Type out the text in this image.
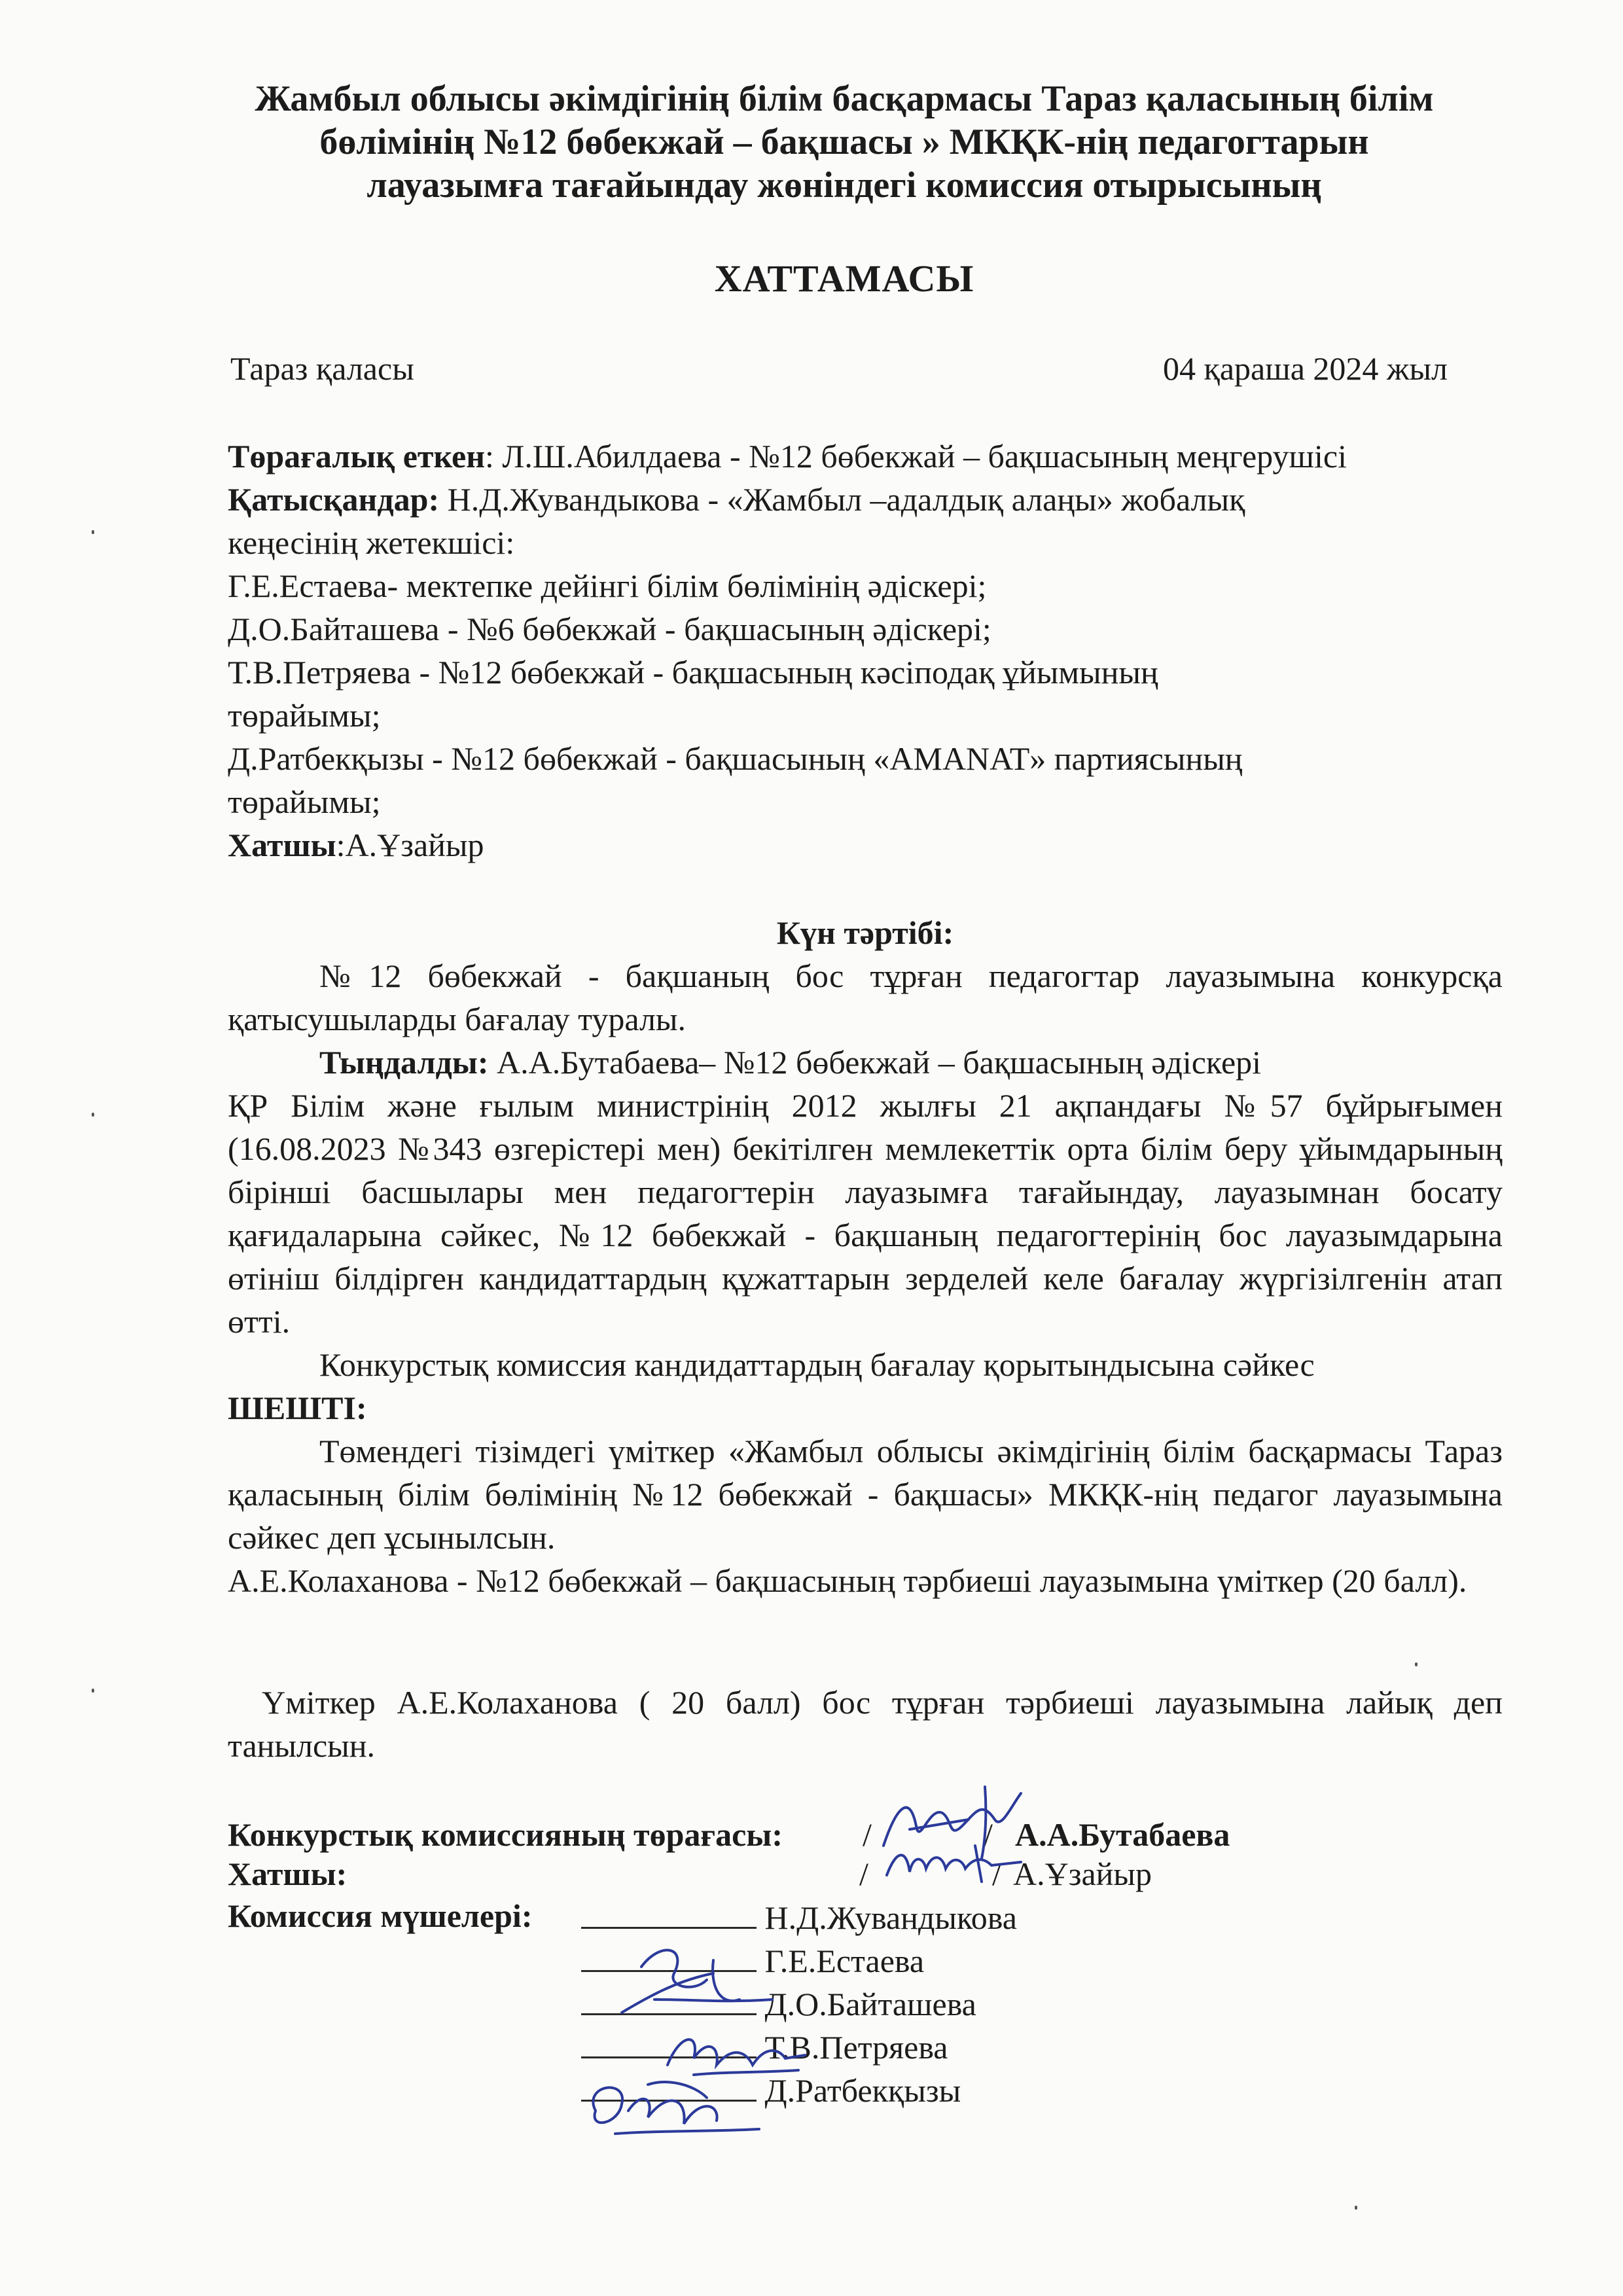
Жамбыл облысы әкімдігінің білім басқармасы Тараз қаласының білім
бөлімінің №12 бөбекжай – бақшасы » МКҚК-нің педагогтарын
лауазымға тағайындау жөніндегі комиссия отырысының
ХАТТАМАСЫ
Тараз қаласы	04 қараша 2024 жыл
Төрағалық еткен: Л.Ш.Абилдаева - №12 бөбекжай – бақшасының меңгерушісі
Қатысқандар: Н.Д.Жувандыкова - «Жамбыл –адалдық алаңы» жобалық
кеңесінің жетекшісі:
Г.Е.Естаева- мектепке дейінгі білім бөлімінің әдіскері;
Д.О.Байташева - №6 бөбекжай - бақшасының әдіскері;
Т.В.Петряева - №12 бөбекжай - бақшасының кәсіподақ ұйымының
төрайымы;
Д.Ратбекқызы - №12 бөбекжай - бақшасының «AMANAT» партиясының
төрайымы;
Хатшы:А.Ұзайыр
Күн тәртібі:
№12 бөбекжай - бақшаның бос тұрған педагогтар лауазымына конкурсқа қатысушыларды бағалау туралы.
Тыңдалды: А.А.Бутабаева– №12 бөбекжай – бақшасының әдіскері
ҚР Білім және ғылым министрінің 2012 жылғы 21 ақпандағы №57 бұйрығымен (16.08.2023 №343 өзгерістері мен) бекітілген мемлекеттік орта білім беру ұйымдарының бірінші басшылары мен педагогтерін лауазымға тағайындау, лауазымнан босату қағидаларына сәйкес, №12 бөбекжай - бақшаның педагогтерінің бос лауазымдарына өтініш білдірген кандидаттардың құжаттарын зерделей келе бағалау жүргізілгенін атап өтті.
Конкурстық комиссия кандидаттардың бағалау қорытындысына сәйкес
ШЕШТІ:
Төмендегі тізімдегі үміткер «Жамбыл облысы әкімдігінің білім басқармасы Тараз қаласының білім бөлімінің №12 бөбекжай - бақшасы» МКҚК-нің педагог лауазымына сәйкес деп ұсынылсын.
А.Е.Колаханова - №12 бөбекжай – бақшасының тәрбиеші лауазымына үміткер (20 балл).
Үміткер А.Е.Колаханова ( 20 балл) бос тұрған тәрбиеші лауазымына лайық деп танылсын.
Конкурстық комиссияның төрағасы: /	/ А.А.Бутабаева
Хатшы:	/	/ А.Ұзайыр
Комиссия мүшелері:	Н.Д.Жувандыкова
Г.Е.Естаева
Д.О.Байташева
Т.В.Петряева
Д.Ратбекқызы
